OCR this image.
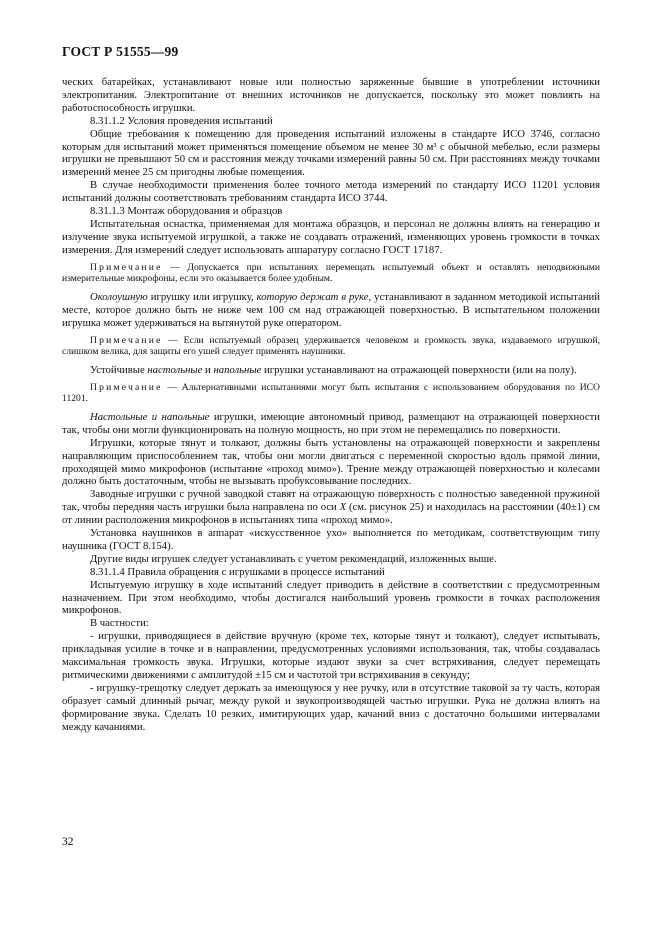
ГОСТ Р 51555—99

ческих батарейках, устанавливают новые или полностью заряженные бывшие в употреблении источники электропитания. Электропитание от внешних источников не допускается, поскольку это может повлиять на работоспособность игрушки.

8.31.1.2 Условия проведения испытаний

Общие требования к помещению для проведения испытаний изложены в стандарте ИСО 3746, согласно которым для испытаний может применяться помещение объемом не менее 30 м³ с обычной мебелью, если размеры игрушки не превышают 50 см и расстояния между точками измерений равны 50 см. При расстояниях между точками измерений менее 25 см пригодны любые помещения.

В случае необходимости применения более точного метода измерений по стандарту ИСО 11201 условия испытаний должны соответствовать требованиям стандарта ИСО 3744.

8.31.1.3 Монтаж оборудования и образцов

Испытательная оснастка, применяемая для монтажа образцов, и персонал не должны влиять на генерацию и излучение звука испытуемой игрушкой, а также не создавать отражений, изменяющих уровень громкости в точках измерения. Для измерений следует использовать аппаратуру согласно ГОСТ 17187.

Примечание — Допускается при испытаниях перемещать испытуемый объект и оставлять неподвижными измерительные микрофоны, если это оказывается более удобным.

Околоушную игрушку или игрушку, которую держат в руке, устанавливают в заданном методикой испытаний месте, которое должно быть не ниже чем 100 см над отражающей поверхностью. В испытательном положении игрушка может удерживаться на вытянутой руке оператором.

Примечание — Если испытуемый образец удерживается человеком и громкость звука, издаваемого игрушкой, слишком велика, для защиты его ушей следует применять наушники.

Устойчивые настольные и напольные игрушки устанавливают на отражающей поверхности (или на полу).

Примечание — Альтернативными испытаниями могут быть испытания с использованием оборудования по ИСО 11201.

Настольные и напольные игрушки, имеющие автономный привод, размещают на отражающей поверхности так, чтобы они могли функционировать на полную мощность, но при этом не перемещались по поверхности.

Игрушки, которые тянут и толкают, должны быть установлены на отражающей поверхности и закреплены направляющим приспособлением так, чтобы они могли двигаться с переменной скоростью вдоль прямой линии, проходящей мимо микрофонов (испытание «проход мимо»). Трение между отражающей поверхностью и колесами должно быть достаточным, чтобы не вызывать пробуксовывание последних.

Заводные игрушки с ручной заводкой ставят на отражающую поверхность с полностью заведенной пружиной так, чтобы передняя часть игрушки была направлена по оси X (см. рисунок 25) и находилась на расстоянии (40±1) см от линии расположения микрофонов в испытаниях типа «проход мимо».

Установка наушников в аппарат «искусственное ухо» выполняется по методикам, соответствующим типу наушника (ГОСТ 8.154).

Другие виды игрушек следует устанавливать с учетом рекомендаций, изложенных выше.

8.31.1.4 Правила обращения с игрушками в процессе испытаний

Испытуемую игрушку в ходе испытаний следует приводить в действие в соответствии с предусмотренным назначением. При этом необходимо, чтобы достигался наибольший уровень громкости в точках расположения микрофонов.

В частности:

- игрушки, приводящиеся в действие вручную (кроме тех, которые тянут и толкают), следует испытывать, прикладывая усилие в точке и в направлении, предусмотренных условиями использования, так, чтобы создавалась максимальная громкость звука. Игрушки, которые издают звуки за счет встряхивания, следует перемещать ритмическими движениями с амплитудой ±15 см и частотой три встряхивания в секунду;

- игрушку-трещотку следует держать за имеющуюся у нее ручку, или в отсутствие таковой за ту часть, которая образует самый длинный рычаг, между рукой и звукопроизводящей частью игрушки. Рука не должна влиять на формирование звука. Сделать 10 резких, имитирующих удар, качаний вниз с достаточно большими интервалами между качаниями.

32
